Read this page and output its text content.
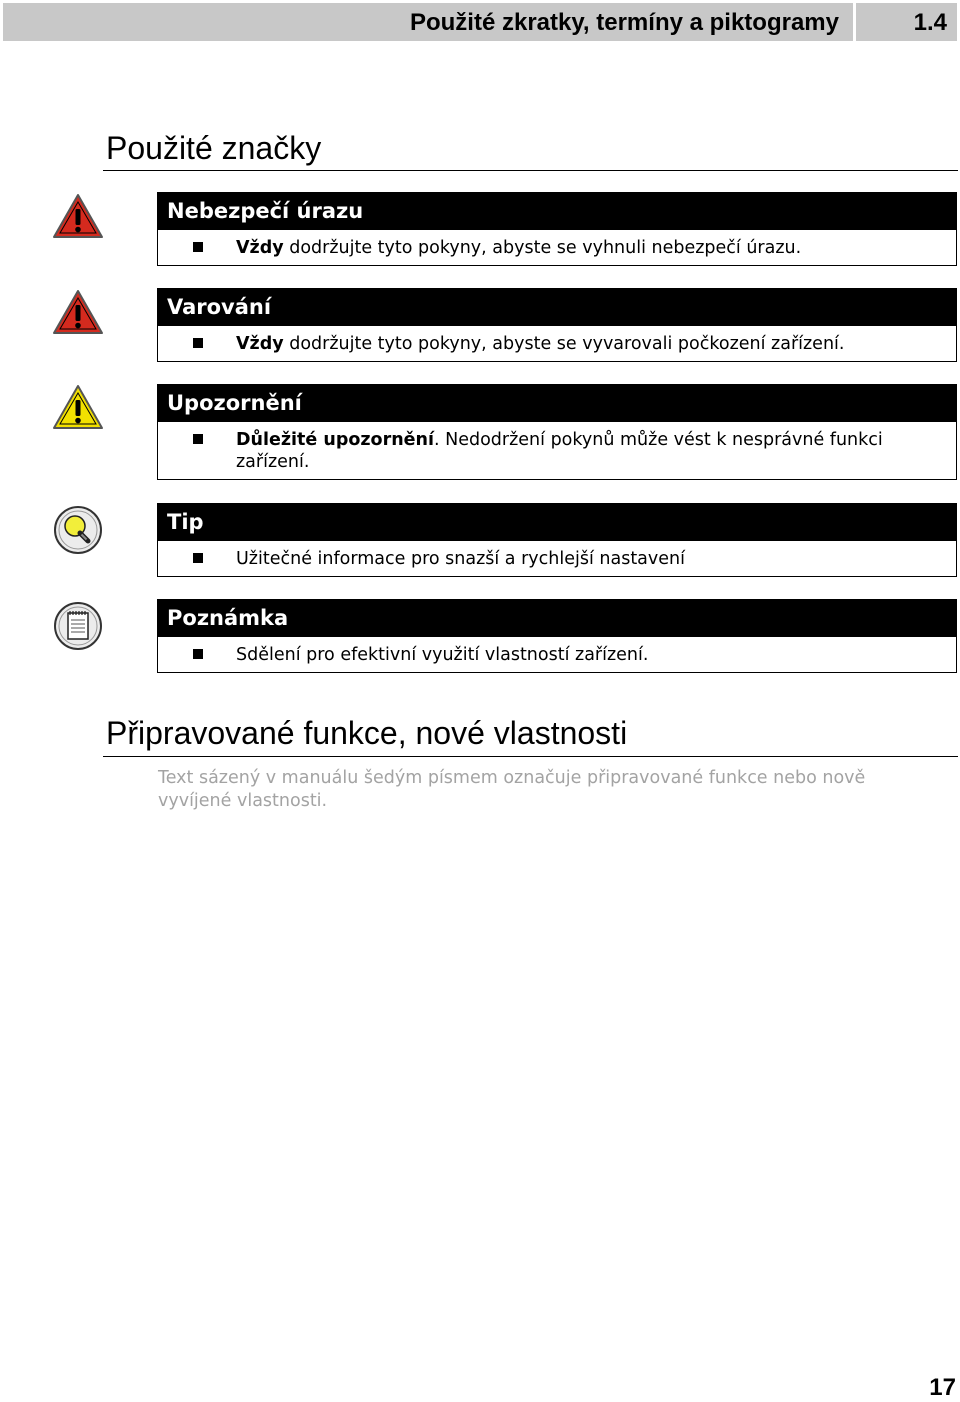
Použité zkratky, termíny a piktogramy	1.4
Použité značky
Nebezpečí úrazu
Vždy dodržujte tyto pokyny, abyste se vyhnuli nebezpečí úrazu.
Varování
Vždy dodržujte tyto pokyny, abyste se vyvarovali počkození zařízení.
Upozornění
Důležité upozornění. Nedodržení pokynů může vést k nesprávné funkci zařízení.
Tip
Užitečné informace pro snazší a rychlejší nastavení
Poznámka
Sdělení pro efektivní využití vlastností zařízení.
Připravované funkce, nové vlastnosti
Text sázený v manuálu šedým písmem označuje připravované funkce nebo nově vyvíjené vlastnosti.
17
